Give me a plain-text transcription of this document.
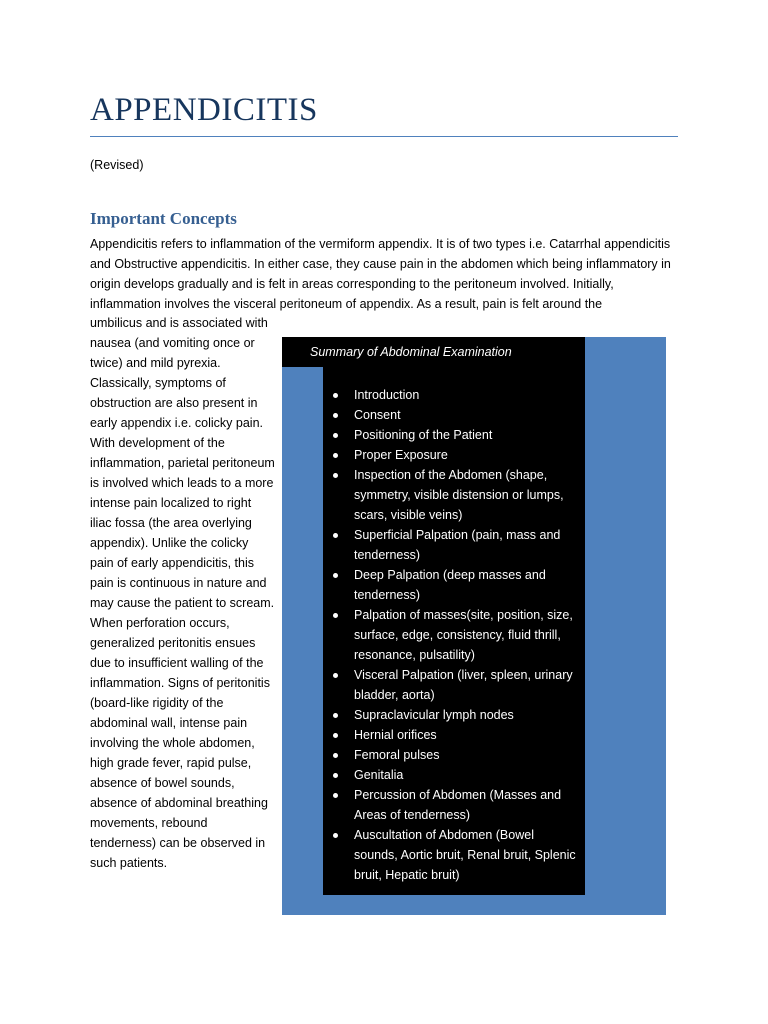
APPENDICITIS

(Revised)

Important Concepts

Appendicitis refers to inflammation of the vermiform appendix. It is of two types i.e. Catarrhal appendicitis and Obstructive appendicitis. In either case, they cause pain in the abdomen which being inflammatory in origin develops gradually and is felt in areas corresponding to the peritoneum involved. Initially, inflammation involves the visceral peritoneum of appendix. As a result, pain is felt around the

umbilicus and is associated with nausea (and vomiting once or twice) and mild pyrexia. Classically, symptoms of obstruction are also present in early appendix i.e. colicky pain. With development of the inflammation, parietal peritoneum is involved which leads to a more intense pain localized to right iliac fossa (the area overlying appendix). Unlike the colicky pain of early appendicitis, this pain is continuous in nature and may cause the patient to scream. When perforation occurs, generalized peritonitis ensues due to insufficient walling of the inflammation. Signs of peritonitis (board-like rigidity of the abdominal wall, intense pain involving the whole abdomen, high grade fever, rapid pulse, absence of bowel sounds, absence of abdominal breathing movements, rebound tenderness) can be observed in such patients.

Summary of Abdominal Examination
Introduction
Consent
Positioning of the Patient
Proper Exposure
Inspection of the Abdomen (shape, symmetry, visible distension or lumps, scars, visible veins)
Superficial Palpation (pain, mass and tenderness)
Deep Palpation (deep masses and tenderness)
Palpation of masses(site, position, size, surface, edge, consistency, fluid thrill, resonance, pulsatility)
Visceral Palpation (liver, spleen, urinary bladder, aorta)
Supraclavicular lymph nodes
Hernial orifices
Femoral pulses
Genitalia
Percussion of Abdomen (Masses and Areas of tenderness)
Auscultation of Abdomen (Bowel sounds, Aortic bruit, Renal bruit, Splenic bruit, Hepatic bruit)
